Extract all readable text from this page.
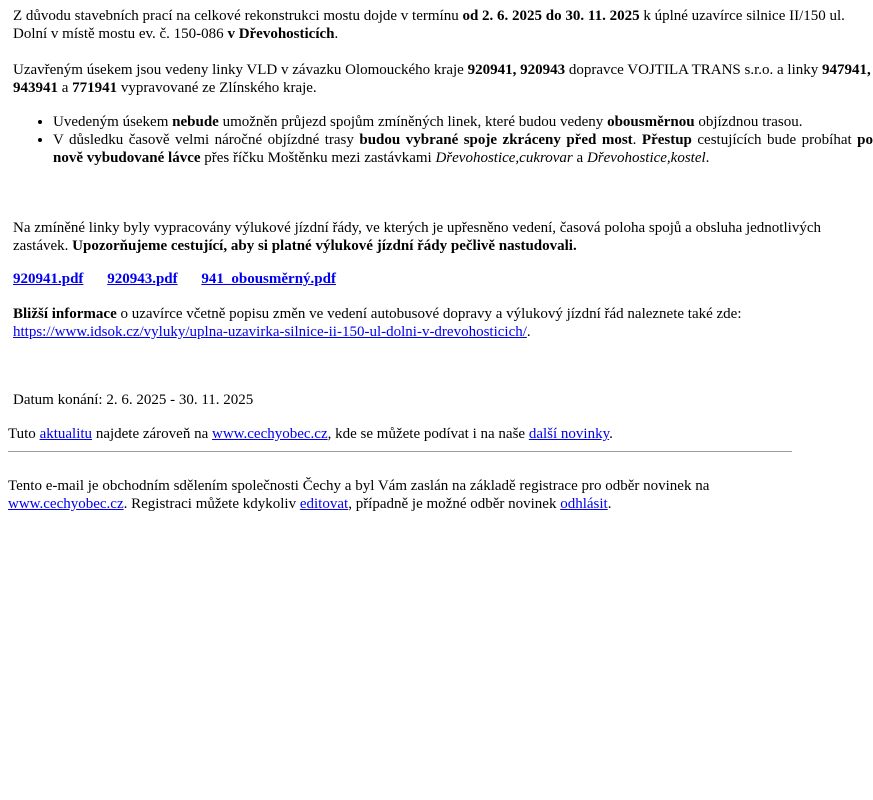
Z důvodu stavebních prací na celkové rekonstrukci mostu dojde v termínu od 2. 6. 2025 do 30. 11. 2025 k úplné uzavírce silnice II/150 ul. Dolní v místě mostu ev. č. 150-086 v Dřevohosticích.

Uzavřeným úsekem jsou vedeny linky VLD v závazku Olomouckého kraje 920941, 920943 dopravce VOJTILA TRANS s.r.o. a linky 947941, 943941 a 771941 vypravované ze Zlínského kraje.

• Uvedeným úsekem nebude umožněn průjezd spojům zmíněných linek, které budou vedeny obousměrnou objízdnou trasou.
• V důsledku časově velmi náročné objízdné trasy budou vybrané spoje zkráceny před most. Přestup cestujících bude probíhat po nově vybudované lávce přes říčku Moštěnku mezi zastávkami Dřevohostice,cukrovar a Dřevohostice,kostel.

Na zmíněné linky byly vypracovány výlukové jízdní řády, ve kterých je upřesněno vedení, časová poloha spojů a obsluha jednotlivých zastávek. Upozorňujeme cestující, aby si platné výlukové jízdní řády pečlivě nastudovali.

920941.pdf 920943.pdf 941_obousměrný.pdf

Bližší informace o uzavírce včetně popisu změn ve vedení autobusové dopravy a výlukový jízdní řád naleznete také zde: https://www.idsok.cz/vyluky/uplna-uzavirka-silnice-ii-150-ul-dolni-v-drevohosticich/.

Datum konání: 2. 6. 2025 - 30. 11. 2025
Tuto aktualitu najdete zároveň na www.cechyobec.cz, kde se můžete podívat i na naše další novinky.
Tento e-mail je obchodním sdělením společnosti Čechy a byl Vám zaslán na základě registrace pro odběr novinek na www.cechyobec.cz. Registraci můžete kdykoliv editovat, případně je možné odběr novinek odhlásit.
